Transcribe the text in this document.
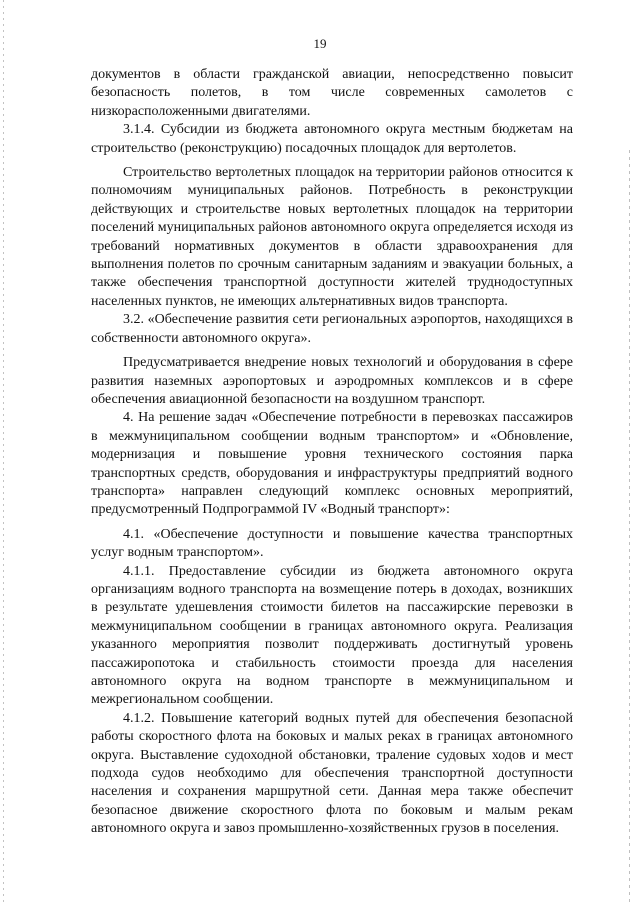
19

документов в области гражданской авиации, непосредственно повысит безопасность полетов, в том числе современных самолетов с низкорасположенными двигателями.

3.1.4. Субсидии из бюджета автономного округа местным бюджетам на строительство (реконструкцию) посадочных площадок для вертолетов.

Строительство вертолетных площадок на территории районов относится к полномочиям муниципальных районов. Потребность в реконструкции действующих и строительстве новых вертолетных площадок на территории поселений муниципальных районов автономного округа определяется исходя из требований нормативных документов в области здравоохранения для выполнения полетов по срочным санитарным заданиям и эвакуации больных, а также обеспечения транспортной доступности жителей труднодоступных населенных пунктов, не имеющих альтернативных видов транспорта.

3.2. «Обеспечение развития сети региональных аэропортов, находящихся в собственности автономного округа».

Предусматривается внедрение новых технологий и оборудования в сфере развития наземных аэропортовых и аэродромных комплексов и в сфере обеспечения авиационной безопасности на воздушном транспорт.

4. На решение задач «Обеспечение потребности в перевозках пассажиров в межмуниципальном сообщении водным транспортом» и «Обновление, модернизация и повышение уровня технического состояния парка транспортных средств, оборудования и инфраструктуры предприятий водного транспорта» направлен следующий комплекс основных мероприятий, предусмотренный Подпрограммой IV «Водный транспорт»:

4.1. «Обеспечение доступности и повышение качества транспортных услуг водным транспортом».

4.1.1. Предоставление субсидии из бюджета автономного округа организациям водного транспорта на возмещение потерь в доходах, возникших в результате удешевления стоимости билетов на пассажирские перевозки в межмуниципальном сообщении в границах автономного округа. Реализация указанного мероприятия позволит поддерживать достигнутый уровень пассажиропотока и стабильность стоимости проезда для населения автономного округа на водном транспорте в межмуниципальном и межрегиональном сообщении.

4.1.2. Повышение категорий водных путей для обеспечения безопасной работы скоростного флота на боковых и малых реках в границах автономного округа. Выставление судоходной обстановки, траление судовых ходов и мест подхода судов необходимо для обеспечения транспортной доступности населения и сохранения маршрутной сети. Данная мера также обеспечит безопасное движение скоростного флота по боковым и малым рекам автономного округа и завоз промышленно-хозяйственных грузов в поселения.
